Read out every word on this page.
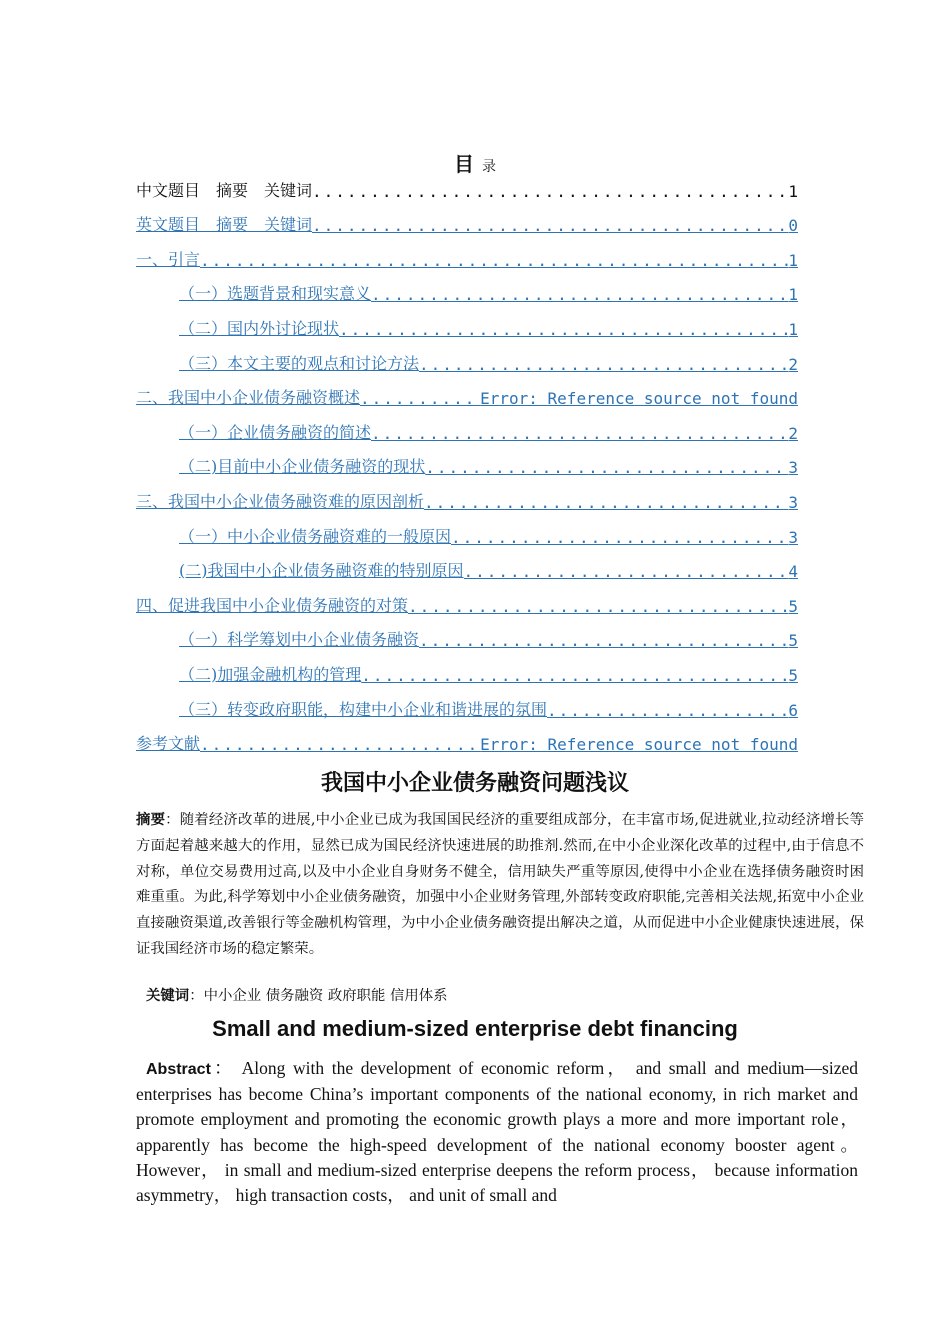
目 录
中文题目　摘要　关键词 .....	1
英文题目　摘要　关键词 .....	0
一、引言 .....	1
（一）选题背景和现实意义 .....	1
（二）国内外讨论现状 .....	1
（三）本文主要的观点和讨论方法 .....	2
二、我国中小企业债务融资概述 .....	Error: Reference source not found
（一）企业债务融资的简述 .....	2
（二)目前中小企业债务融资的现状 .....	3
三、我国中小企业债务融资难的原因剖析 .....	3
（一）中小企业债务融资难的一般原因 .....	3
(二)我国中小企业债务融资难的特别原因 .....	4
四、促进我国中小企业债务融资的对策 .....	5
（一）科学筹划中小企业债务融资 .....	5
（二)加强金融机构的管理 .....	5
（三）转变政府职能，构建中小企业和谐进展的氛围 .....	6
参考文献 .....	Error: Reference source not found
我国中小企业债务融资问题浅议
摘要：随着经济改革的进展,中小企业已成为我国国民经济的重要组成部分，在丰富市场,促进就业,拉动经济增长等方面起着越来越大的作用，显然已成为国民经济快速进展的助推剂.然而,在中小企业深化改革的过程中,由于信息不对称，单位交易费用过高,以及中小企业自身财务不健全，信用缺失严重等原因,使得中小企业在选择债务融资时困难重重。为此,科学筹划中小企业债务融资，加强中小企业财务管理,外部转变政府职能,完善相关法规,拓宽中小企业直接融资渠道,改善银行等金融机构管理，为中小企业债务融资提出解决之道，从而促进中小企业健康快速进展，保证我国经济市场的稳定繁荣。
关键词：中小企业 债务融资 政府职能 信用体系
Small and medium-sized enterprise debt financing
Abstract： Along with the development of economic reform， and small and medium—sized enterprises has become China’s important components of the national economy, in rich market and promote employment and promoting the economic growth plays a more and more important role， apparently has become the high-speed development of the national economy booster agent。 However， in small and medium-sized enterprise deepens the reform process， because information asymmetry， high transaction costs， and unit of small and
